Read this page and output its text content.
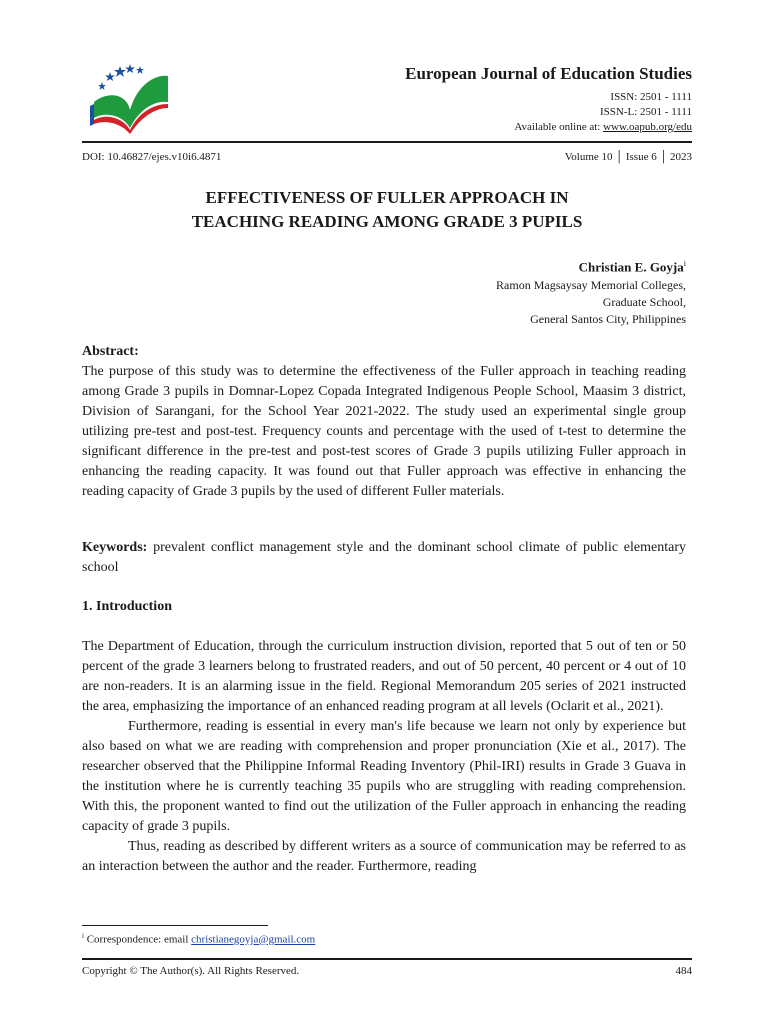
European Journal of Education Studies
ISSN: 2501 - 1111
ISSN-L: 2501 - 1111
Available online at: www.oapub.org/edu
DOI: 10.46827/ejes.v10i6.4871	Volume 10 │ Issue 6 │ 2023
EFFECTIVENESS OF FULLER APPROACH IN
TEACHING READING AMONG GRADE 3 PUPILS
Christian E. Goyja$^i$
Ramon Magsaysay Memorial Colleges,
Graduate School,
General Santos City, Philippines
Abstract:

The purpose of this study was to determine the effectiveness of the Fuller approach in teaching reading among Grade 3 pupils in Domnar-Lopez Copada Integrated Indigenous People School, Maasim 3 district, Division of Sarangani, for the School Year 2021-2022. The study used an experimental single group utilizing pre-test and post-test. Frequency counts and percentage with the used of t-test to determine the significant difference in the pre-test and post-test scores of Grade 3 pupils utilizing Fuller approach in enhancing the reading capacity. It was found out that Fuller approach was effective in enhancing the reading capacity of Grade 3 pupils by the used of different Fuller materials.

Keywords: prevalent conflict management style and the dominant school climate of public elementary school

1. Introduction

The Department of Education, through the curriculum instruction division, reported that 5 out of ten or 50 percent of the grade 3 learners belong to frustrated readers, and out of 50 percent, 40 percent or 4 out of 10 are non-readers. It is an alarming issue in the field. Regional Memorandum 205 series of 2021 instructed the area, emphasizing the importance of an enhanced reading program at all levels (Oclarit et al., 2021).

Furthermore, reading is essential in every man's life because we learn not only by experience but also based on what we are reading with comprehension and proper pronunciation (Xie et al., 2017). The researcher observed that the Philippine Informal Reading Inventory (Phil-IRI) results in Grade 3 Guava in the institution where he is currently teaching 35 pupils who are struggling with reading comprehension. With this, the proponent wanted to find out the utilization of the Fuller approach in enhancing the reading capacity of grade 3 pupils.

Thus, reading as described by different writers as a source of communication may be referred to as an interaction between the author and the reader. Furthermore, reading

$^i$ Correspondence: email christianegoyja@gmail.com
Copyright © The Author(s). All Rights Reserved.	484
